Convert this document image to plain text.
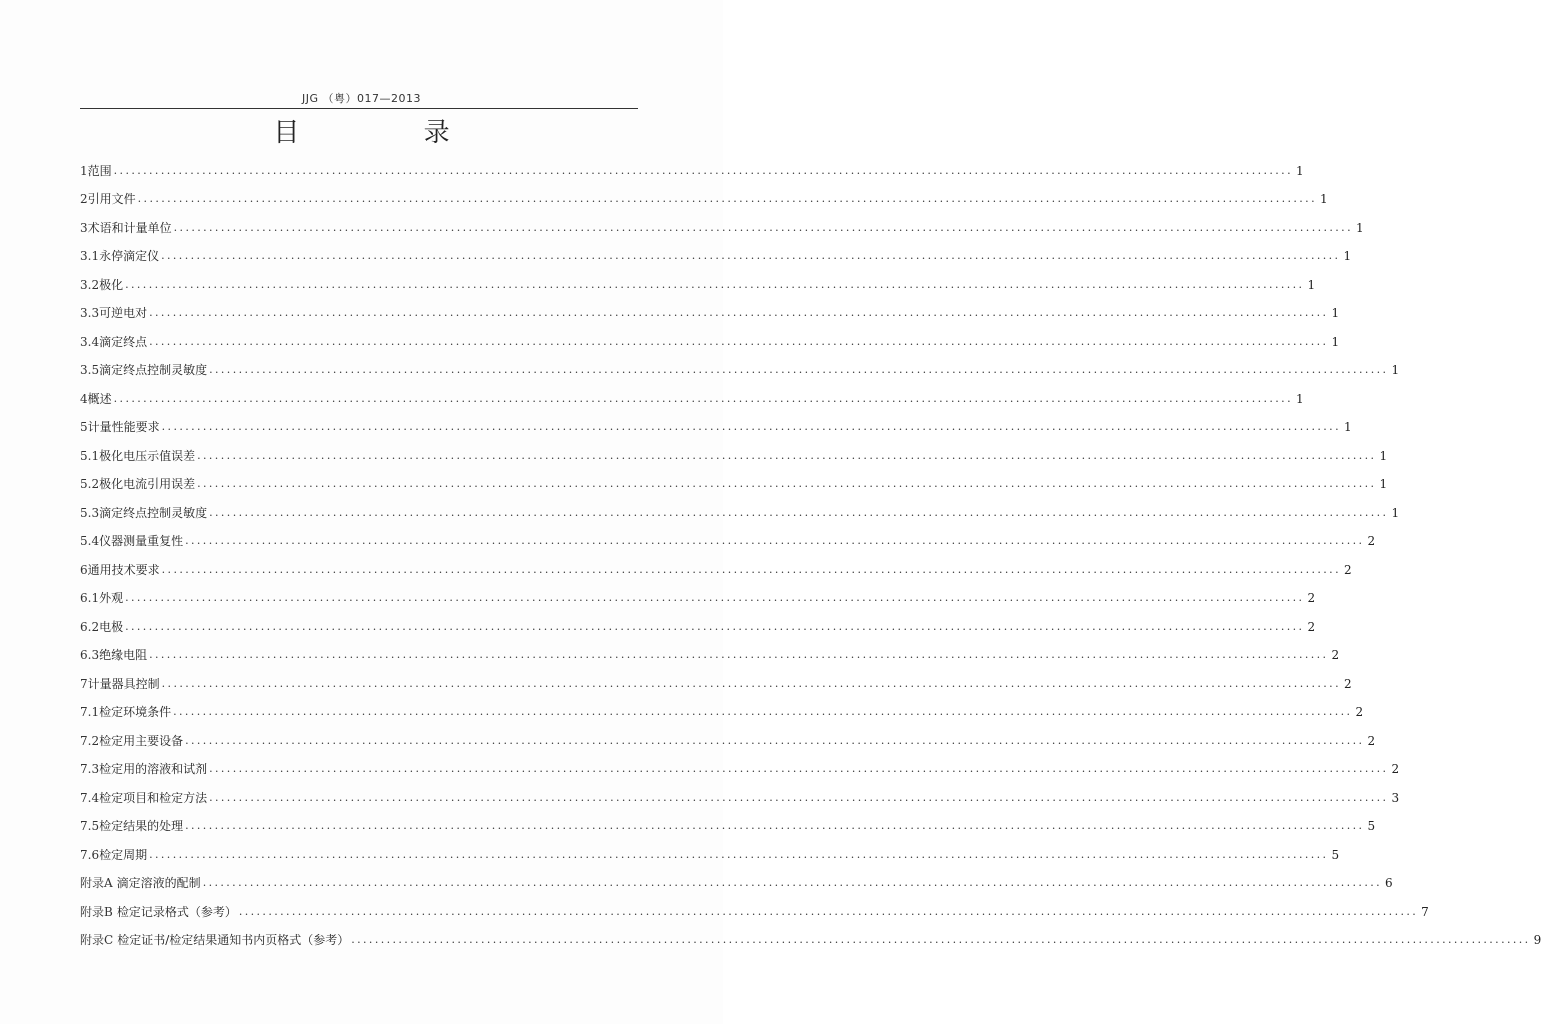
JJG （粤）017—2013
目 录
1 范围 ........................................................................................................................................................................................................ 1
2 引用文件 ........................................................................................................................................................................................................ 1
3 术语和计量单位 ........................................................................................................................................................................................................ 1
3.1 永停滴定仪 ........................................................................................................................................................................................................ 1
3.2 极化 ........................................................................................................................................................................................................ 1
3.3 可逆电对 ........................................................................................................................................................................................................ 1
3.4 滴定终点 ........................................................................................................................................................................................................ 1
3.5 滴定终点控制灵敏度 ........................................................................................................................................................................................................ 1
4 概述 ........................................................................................................................................................................................................ 1
5 计量性能要求 ........................................................................................................................................................................................................ 1
5.1 极化电压示值误差 ........................................................................................................................................................................................................ 1
5.2 极化电流引用误差 ........................................................................................................................................................................................................ 1
5.3 滴定终点控制灵敏度 ........................................................................................................................................................................................................ 1
5.4 仪器测量重复性 ........................................................................................................................................................................................................ 2
6 通用技术要求 ........................................................................................................................................................................................................ 2
6.1 外观 ........................................................................................................................................................................................................ 2
6.2 电极 ........................................................................................................................................................................................................ 2
6.3 绝缘电阻 ........................................................................................................................................................................................................ 2
7 计量器具控制 ........................................................................................................................................................................................................ 2
7.1 检定环境条件 ........................................................................................................................................................................................................ 2
7.2 检定用主要设备 ........................................................................................................................................................................................................ 2
7.3 检定用的溶液和试剂 ........................................................................................................................................................................................................ 2
7.4 检定项目和检定方法 ........................................................................................................................................................................................................ 3
7.5 检定结果的处理 ........................................................................................................................................................................................................ 5
7.6 检定周期 ........................................................................................................................................................................................................ 5
附录A 滴定溶液的配制 ........................................................................................................................................................................................................ 6
附录B 检定记录格式（参考） ........................................................................................................................................................................................................ 7
附录C 检定证书/检定结果通知书内页格式（参考） ........................................................................................................................................................................................................ 9
